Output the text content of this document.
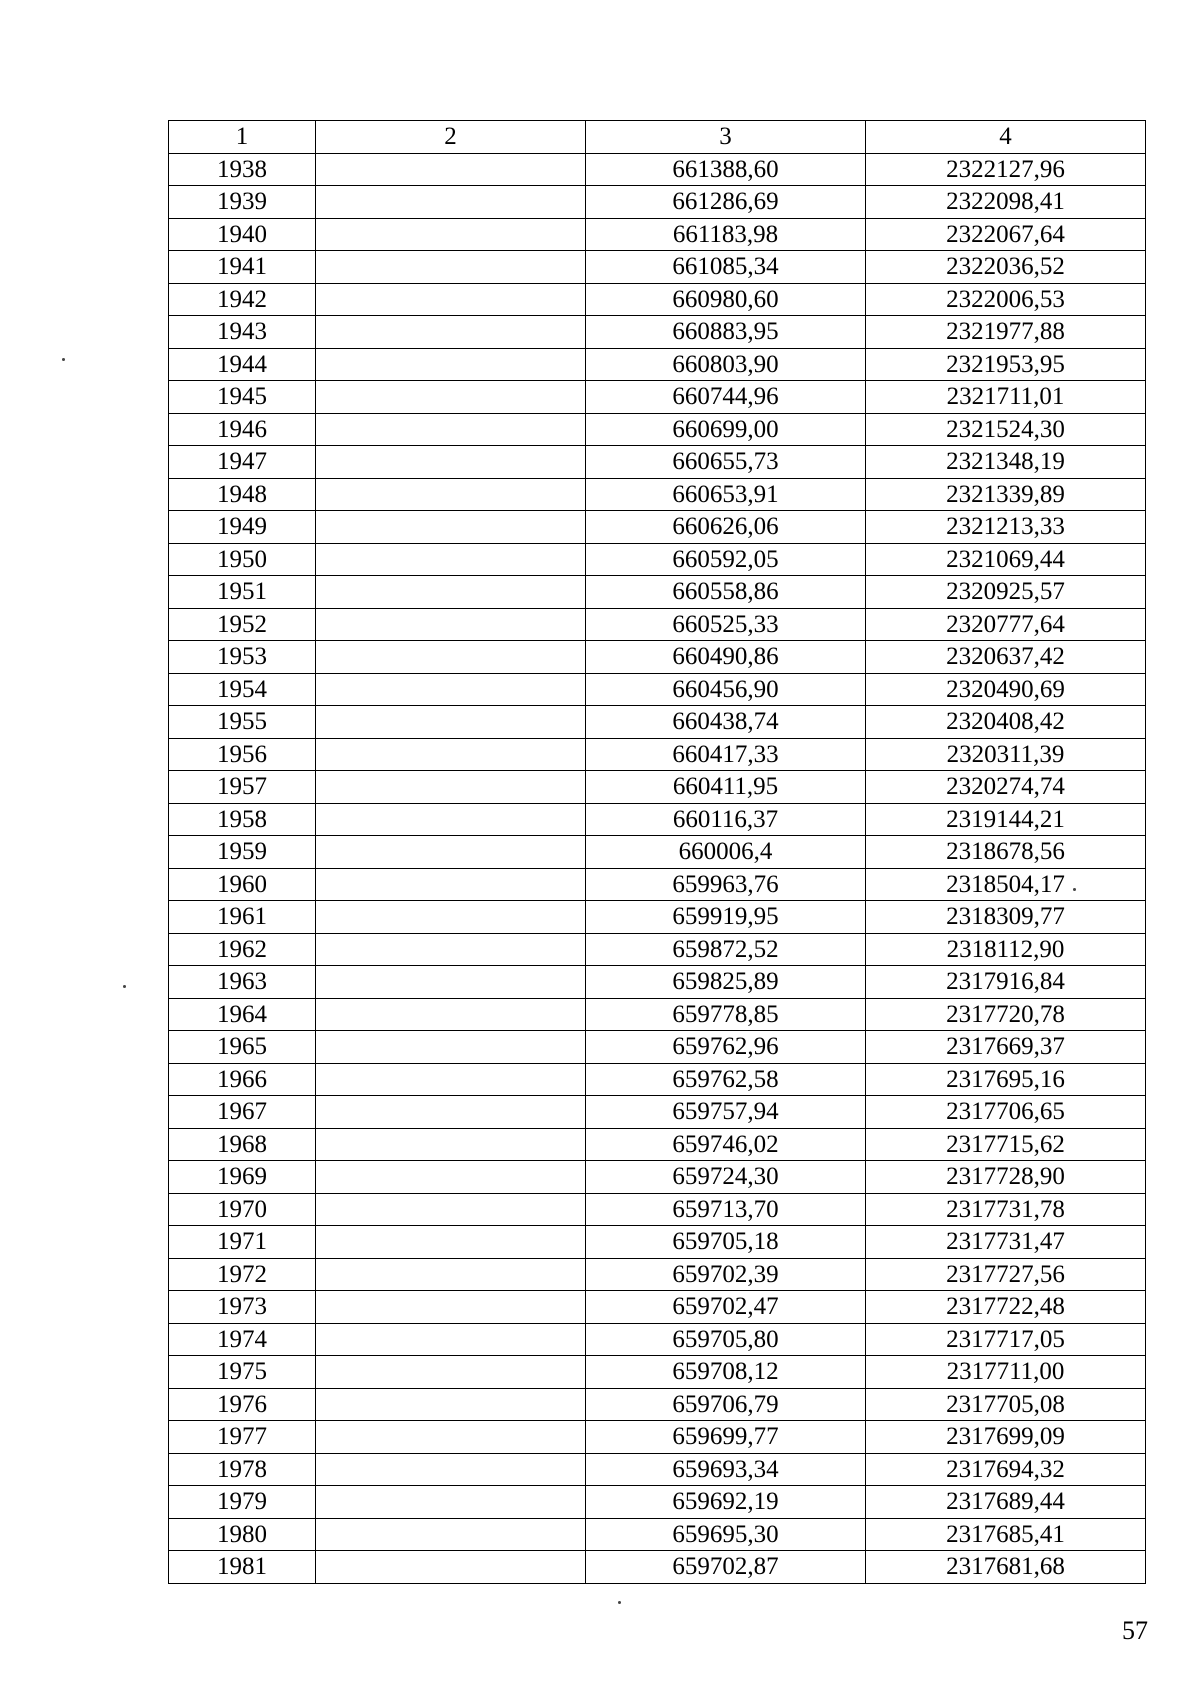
1	2	3	4
1938		661388,60	2322127,96
1939		661286,69	2322098,41
1940		661183,98	2322067,64
1941		661085,34	2322036,52
1942		660980,60	2322006,53
1943		660883,95	2321977,88
1944		660803,90	2321953,95
1945		660744,96	2321711,01
1946		660699,00	2321524,30
1947		660655,73	2321348,19
1948		660653,91	2321339,89
1949		660626,06	2321213,33
1950		660592,05	2321069,44
1951		660558,86	2320925,57
1952		660525,33	2320777,64
1953		660490,86	2320637,42
1954		660456,90	2320490,69
1955		660438,74	2320408,42
1956		660417,33	2320311,39
1957		660411,95	2320274,74
1958		660116,37	2319144,21
1959		660006,4	2318678,56
1960		659963,76	2318504,17
1961		659919,95	2318309,77
1962		659872,52	2318112,90
1963		659825,89	2317916,84
1964		659778,85	2317720,78
1965		659762,96	2317669,37
1966		659762,58	2317695,16
1967		659757,94	2317706,65
1968		659746,02	2317715,62
1969		659724,30	2317728,90
1970		659713,70	2317731,78
1971		659705,18	2317731,47
1972		659702,39	2317727,56
1973		659702,47	2317722,48
1974		659705,80	2317717,05
1975		659708,12	2317711,00
1976		659706,79	2317705,08
1977		659699,77	2317699,09
1978		659693,34	2317694,32
1979		659692,19	2317689,44
1980		659695,30	2317685,41
1981		659702,87	2317681,68
57
